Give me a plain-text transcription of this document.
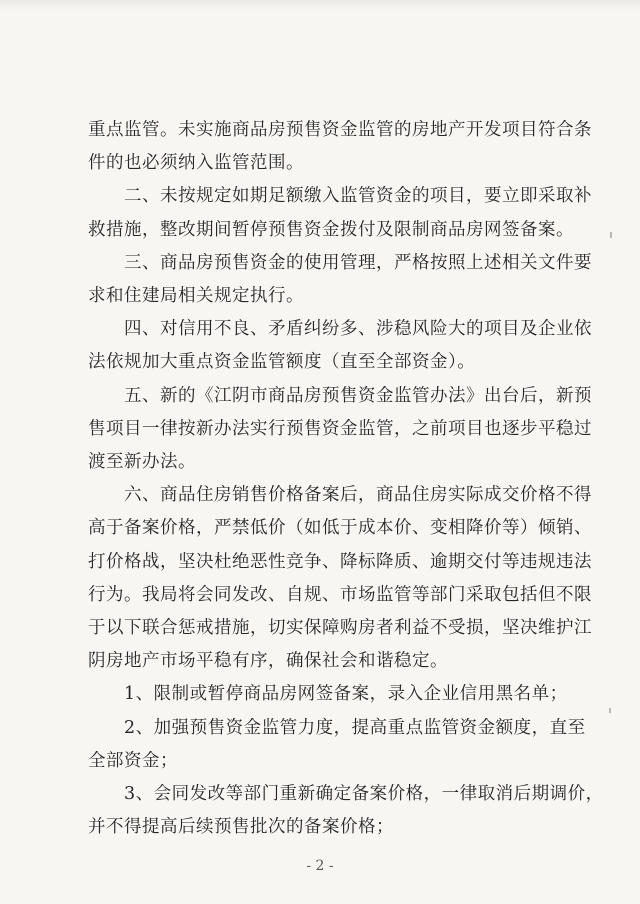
重点监管。未实施商品房预售资金监管的房地产开发项目符合条
件的也必须纳入监管范围。
二、未按规定如期足额缴入监管资金的项目，要立即采取补
救措施，整改期间暂停预售资金拨付及限制商品房网签备案。
三、商品房预售资金的使用管理，严格按照上述相关文件要
求和住建局相关规定执行。
四、对信用不良、矛盾纠纷多、涉稳风险大的项目及企业依
法依规加大重点资金监管额度（直至全部资金）。
五、新的《江阴市商品房预售资金监管办法》出台后，新预
售项目一律按新办法实行预售资金监管，之前项目也逐步平稳过
渡至新办法。
六、商品住房销售价格备案后，商品住房实际成交价格不得
高于备案价格，严禁低价（如低于成本价、变相降价等）倾销、
打价格战，坚决杜绝恶性竞争、降标降质、逾期交付等违规违法
行为。我局将会同发改、自规、市场监管等部门采取包括但不限
于以下联合惩戒措施，切实保障购房者利益不受损，坚决维护江
阴房地产市场平稳有序，确保社会和谐稳定。
1、限制或暂停商品房网签备案，录入企业信用黑名单；
2、加强预售资金监管力度，提高重点监管资金额度，直至
全部资金；
3、会同发改等部门重新确定备案价格，一律取消后期调价，
并不得提高后续预售批次的备案价格；
- 2 -
